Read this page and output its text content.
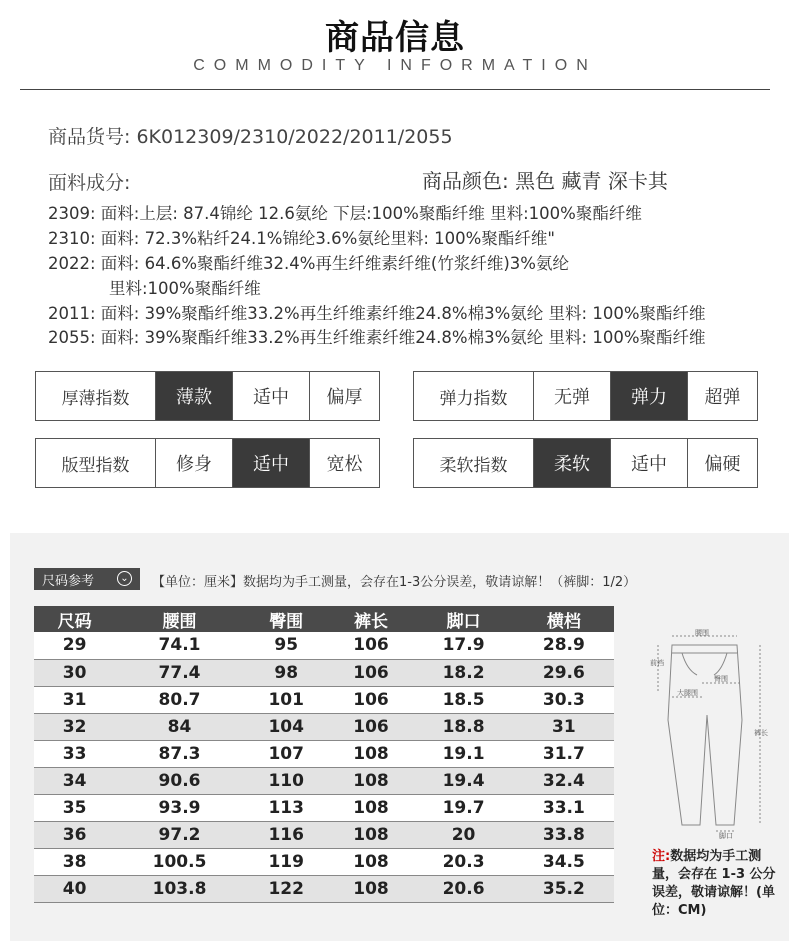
商品信息
COMMODITY INFORMATION
商品货号: 6K012309/2310/2022/2011/2055
面料成分:	商品颜色: 黑色 藏青 深卡其
2309: 面料:上层: 87.4锦纶 12.6氨纶 下层:100%聚酯纤维 里料:100%聚酯纤维
2310: 面料: 72.3%粘纤24.1%锦纶3.6%氨纶里料: 100%聚酯纤维"
2022: 面料: 64.6%聚酯纤维32.4%再生纤维素纤维(竹浆纤维)3%氨纶
里料:100%聚酯纤维
2011: 面料: 39%聚酯纤维33.2%再生纤维素纤维24.8%棉3%氨纶 里料: 100%聚酯纤维
2055: 面料: 39%聚酯纤维33.2%再生纤维素纤维24.8%棉3%氨纶 里料: 100%聚酯纤维
厚薄指数	薄款	适中	偏厚	弹力指数	无弹	弹力	超弹
版型指数	修身	适中	宽松	柔软指数	柔软	适中	偏硬
尺码参考	⌄ 【单位：厘米】数据均为手工测量，会存在1-3公分误差，敬请谅解！（裤脚：1/2）
尺码	腰围	臀围	裤长	脚口	横档
29	74.1	95	106	17.9	28.9
30	77.4	98	106	18.2	29.6
31	80.7	101	106	18.5	30.3
32	84	104	106	18.8	31
33	87.3	107	108	19.1	31.7
34	90.6	110	108	19.4	32.4
35	93.9	113	108	19.7	33.1
36	97.2	116	108	20	33.8
38	100.5	119	108	20.3	34.5
40	103.8	122	108	20.6	35.2
腰围
前裆
臀围
大腿围
裤长
脚口
注:数据均为手工测量，会存在 1-3 公分误差，敬请谅解！(单位：CM)
